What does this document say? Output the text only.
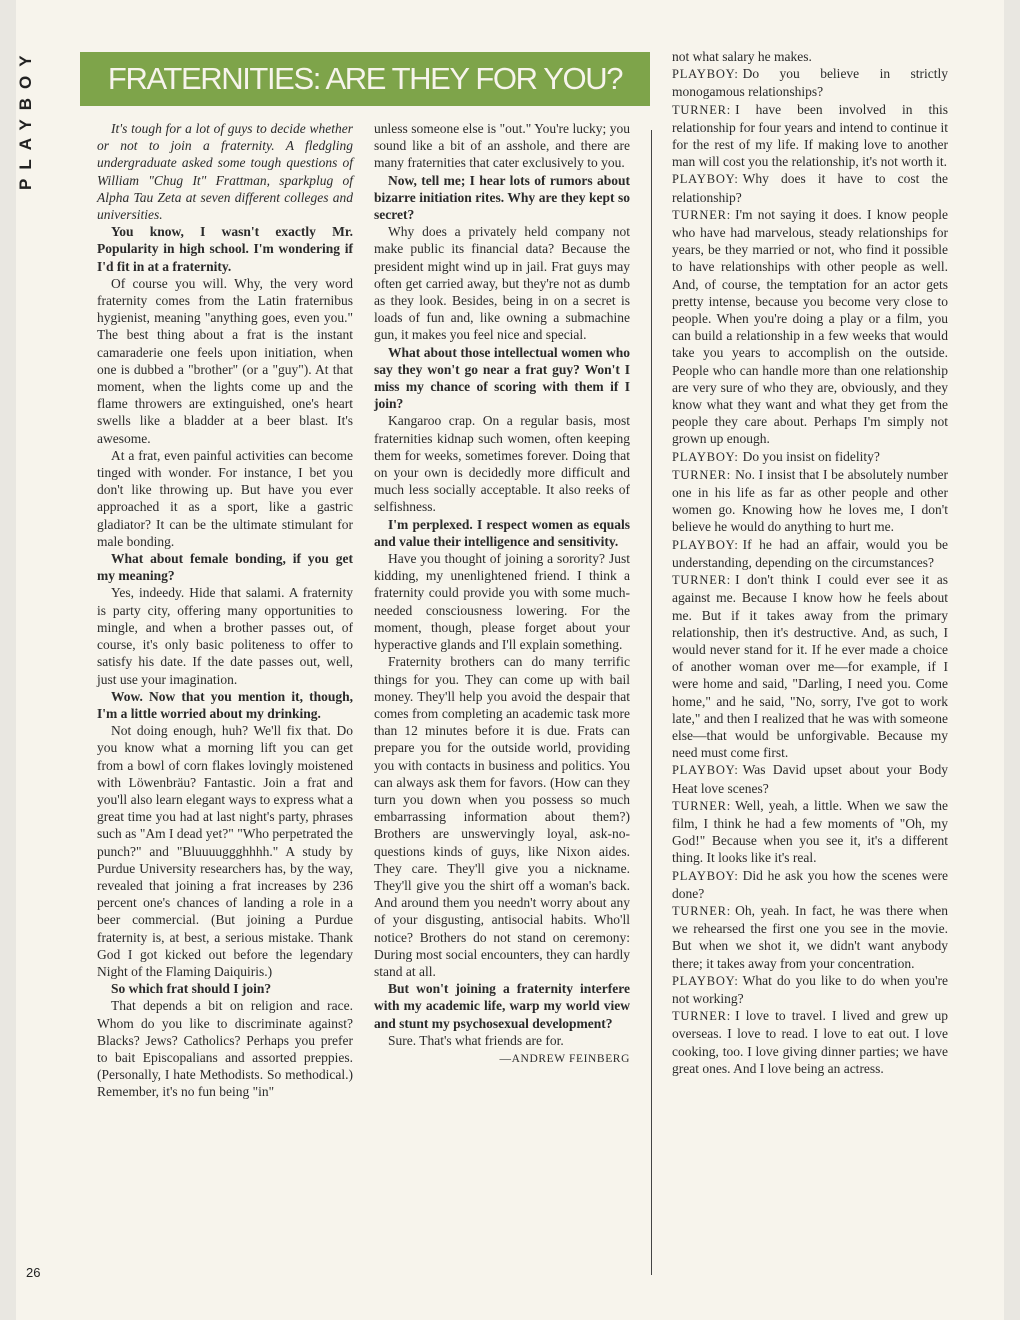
PLAYBOY
26
FRATERNITIES: ARE THEY FOR YOU?

It's tough for a lot of guys to decide whether or not to join a fraternity. A fledgling undergraduate asked some tough questions of William "Chug It" Frattman, sparkplug of Alpha Tau Zeta at seven different colleges and universities.

You know, I wasn't exactly Mr. Popularity in high school. I'm wondering if I'd fit in at a fraternity.

Of course you will. Why, the very word fraternity comes from the Latin fraternibus hygienist, meaning "anything goes, even you." The best thing about a frat is the instant camaraderie one feels upon initiation, when one is dubbed a "brother" (or a "guy"). At that moment, when the lights come up and the flame throwers are extinguished, one's heart swells like a bladder at a beer blast. It's awesome.

At a frat, even painful activities can become tinged with wonder. For instance, I bet you don't like throwing up. But have you ever approached it as a sport, like a gastric gladiator? It can be the ultimate stimulant for male bonding.

What about female bonding, if you get my meaning?

Yes, indeedy. Hide that salami. A fraternity is party city, offering many opportunities to mingle, and when a brother passes out, of course, it's only basic politeness to offer to satisfy his date. If the date passes out, well, just use your imagination.

Wow. Now that you mention it, though, I'm a little worried about my drinking.

Not doing enough, huh? We'll fix that. Do you know what a morning lift you can get from a bowl of corn flakes lovingly moistened with Löwenbräu? Fantastic. Join a frat and you'll also learn elegant ways to express what a great time you had at last night's party, phrases such as "Am I dead yet?" "Who perpetrated the punch?" and "Bluuuuggghhhh." A study by Purdue University researchers has, by the way, revealed that joining a frat increases by 236 percent one's chances of landing a role in a beer commercial. (But joining a Purdue fraternity is, at best, a serious mistake. Thank God I got kicked out before the legendary Night of the Flaming Daiquiris.)

So which frat should I join?

That depends a bit on religion and race. Whom do you like to discriminate against? Blacks? Jews? Catholics? Perhaps you prefer to bait Episcopalians and assorted preppies. (Personally, I hate Methodists. So methodical.) Remember, it's no fun being "in"

unless someone else is "out." You're lucky; you sound like a bit of an asshole, and there are many fraternities that cater exclusively to you.

Now, tell me; I hear lots of rumors about bizarre initiation rites. Why are they kept so secret?

Why does a privately held company not make public its financial data? Because the president might wind up in jail. Frat guys may often get carried away, but they're not as dumb as they look. Besides, being in on a secret is loads of fun and, like owning a submachine gun, it makes you feel nice and special.

What about those intellectual women who say they won't go near a frat guy? Won't I miss my chance of scoring with them if I join?

Kangaroo crap. On a regular basis, most fraternities kidnap such women, often keeping them for weeks, sometimes forever. Doing that on your own is decidedly more difficult and much less socially acceptable. It also reeks of selfishness.

I'm perplexed. I respect women as equals and value their intelligence and sensitivity.

Have you thought of joining a sorority? Just kidding, my unenlightened friend. I think a fraternity could provide you with some much-needed consciousness lowering. For the moment, though, please forget about your hyperactive glands and I'll explain something.

Fraternity brothers can do many terrific things for you. They can come up with bail money. They'll help you avoid the despair that comes from completing an academic task more than 12 minutes before it is due. Frats can prepare you for the outside world, providing you with contacts in business and politics. You can always ask them for favors. (How can they turn you down when you possess so much embarrassing information about them?) Brothers are unswervingly loyal, ask-no-questions kinds of guys, like Nixon aides. They care. They'll give you a nickname. They'll give you the shirt off a woman's back. And around them you needn't worry about any of your disgusting, antisocial habits. Who'll notice? Brothers do not stand on ceremony: During most social encounters, they can hardly stand at all.

But won't joining a fraternity interfere with my academic life, warp my world view and stunt my psychosexual development?

Sure. That's what friends are for.

—ANDREW FEINBERG

not what salary he makes.

PLAYBOY: Do you believe in strictly monogamous relationships?

TURNER: I have been involved in this relationship for four years and intend to continue it for the rest of my life. If making love to another man will cost you the relationship, it's not worth it.

PLAYBOY: Why does it have to cost the relationship?

TURNER: I'm not saying it does. I know people who have had marvelous, steady relationships for years, be they married or not, who find it possible to have relationships with other people as well. And, of course, the temptation for an actor gets pretty intense, because you become very close to people. When you're doing a play or a film, you can build a relationship in a few weeks that would take you years to accomplish on the outside. People who can handle more than one relationship are very sure of who they are, obviously, and they know what they want and what they get from the people they care about. Perhaps I'm simply not grown up enough.

PLAYBOY: Do you insist on fidelity?

TURNER: No. I insist that I be absolutely number one in his life as far as other people and other women go. Knowing how he loves me, I don't believe he would do anything to hurt me.

PLAYBOY: If he had an affair, would you be understanding, depending on the circumstances?

TURNER: I don't think I could ever see it as against me. Because I know how he feels about me. But if it takes away from the primary relationship, then it's destructive. And, as such, I would never stand for it. If he ever made a choice of another woman over me—for example, if I were home and said, "Darling, I need you. Come home," and he said, "No, sorry, I've got to work late," and then I realized that he was with someone else—that would be unforgivable. Because my need must come first.

PLAYBOY: Was David upset about your Body Heat love scenes?

TURNER: Well, yeah, a little. When we saw the film, I think he had a few moments of "Oh, my God!" Because when you see it, it's a different thing. It looks like it's real.

PLAYBOY: Did he ask you how the scenes were done?

TURNER: Oh, yeah. In fact, he was there when we rehearsed the first one you see in the movie. But when we shot it, we didn't want anybody there; it takes away from your concentration.

PLAYBOY: What do you like to do when you're not working?

TURNER: I love to travel. I lived and grew up overseas. I love to read. I love to eat out. I love cooking, too. I love giving dinner parties; we have great ones. And I love being an actress.
